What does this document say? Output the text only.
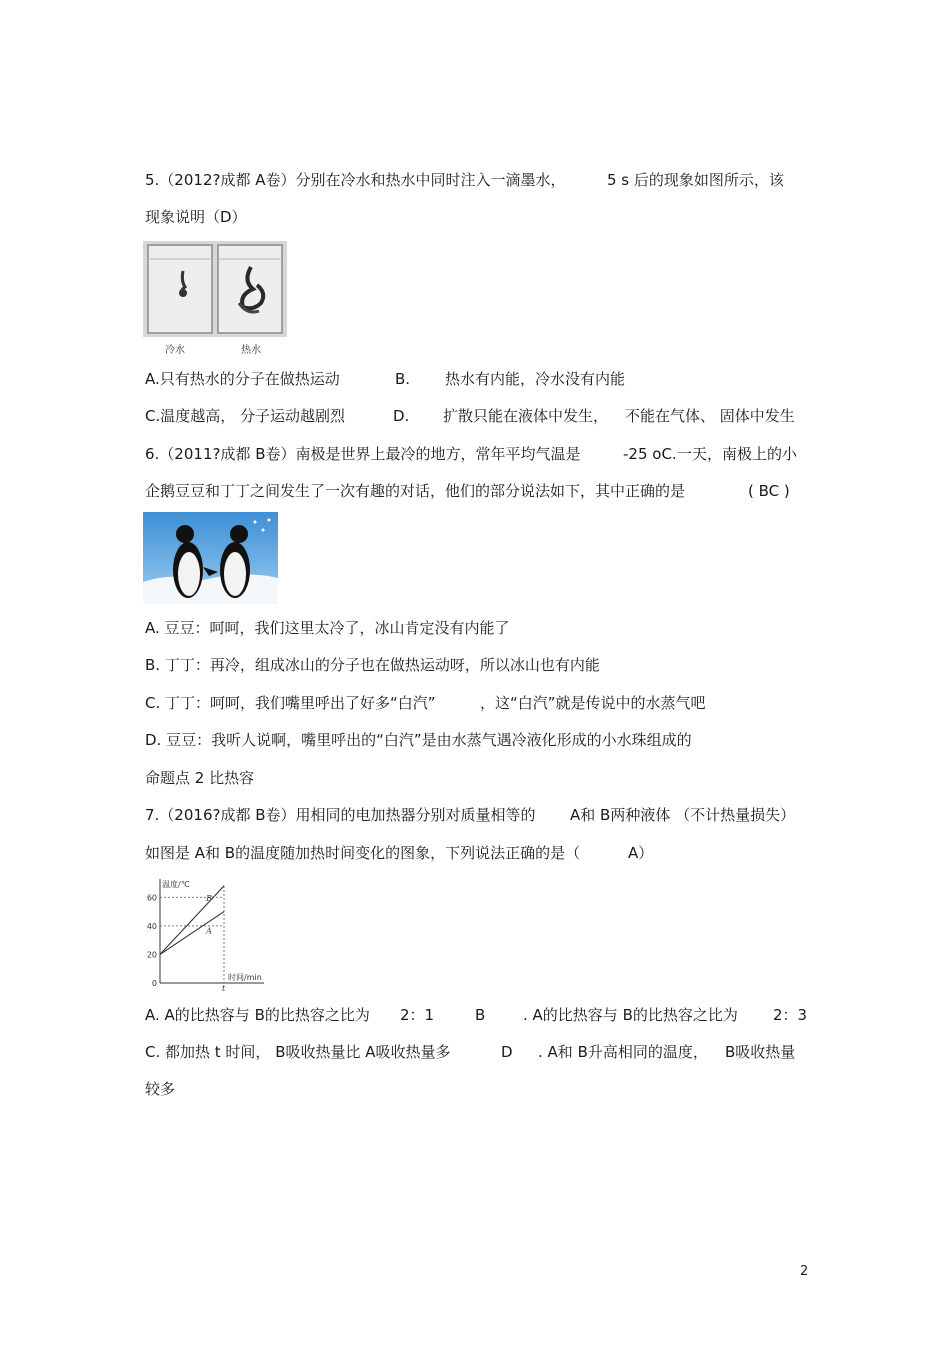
5.（2012?成都 A卷）分别在冷水和热水中同时注入一滴墨水，	5 s 后的现象如图所示，该
现象说明（D）
冷水	热水
A.只有热水的分子在做热运动	B. 热水有内能，冷水没有内能
C.温度越高， 分子运动越剧烈	D. 扩散只能在液体中发生， 不能在气体、 固体中发生
6.（2011?成都 B卷）南极是世界上最冷的地方，常年平均气温是	-25 oC. 一天，南极上的小
企鹅豆豆和丁丁之间发生了一次有趣的对话，他们的部分说法如下，其中正确的是	( BC )
A. 豆豆：呵呵，我们这里太冷了，冰山肯定没有内能了
B. 丁丁：再冷，组成冰山的分子也在做热运动呀，所以冰山也有内能
C. 丁丁：呵呵，我们嘴里呼出了好多“白汽”	，这“白汽”就是传说中的水蒸气吧
D. 豆豆：我听人说啊，嘴里呼出的“白汽”是由水蒸气遇冷液化形成的小水珠组成的
命题点 2 比热容
7.（2016?成都 B卷）用相同的电加热器分别对质量相等的 A和 B两种液体 （不计热量损失）
如图是 A和 B的温度随加热时间变化的图象，下列说法正确的是（	A）
温度/℃
时间/min
0
20
40
60
t
B
A
A. A的比热容与 B的比热容之比为 2：1	B	. A的比热容与 B的比热容之比为 2：3
C. 都加热 t 时间， B吸收热量比 A吸收热量多	D . A和 B升高相同的温度， B吸收热量
较多
2
